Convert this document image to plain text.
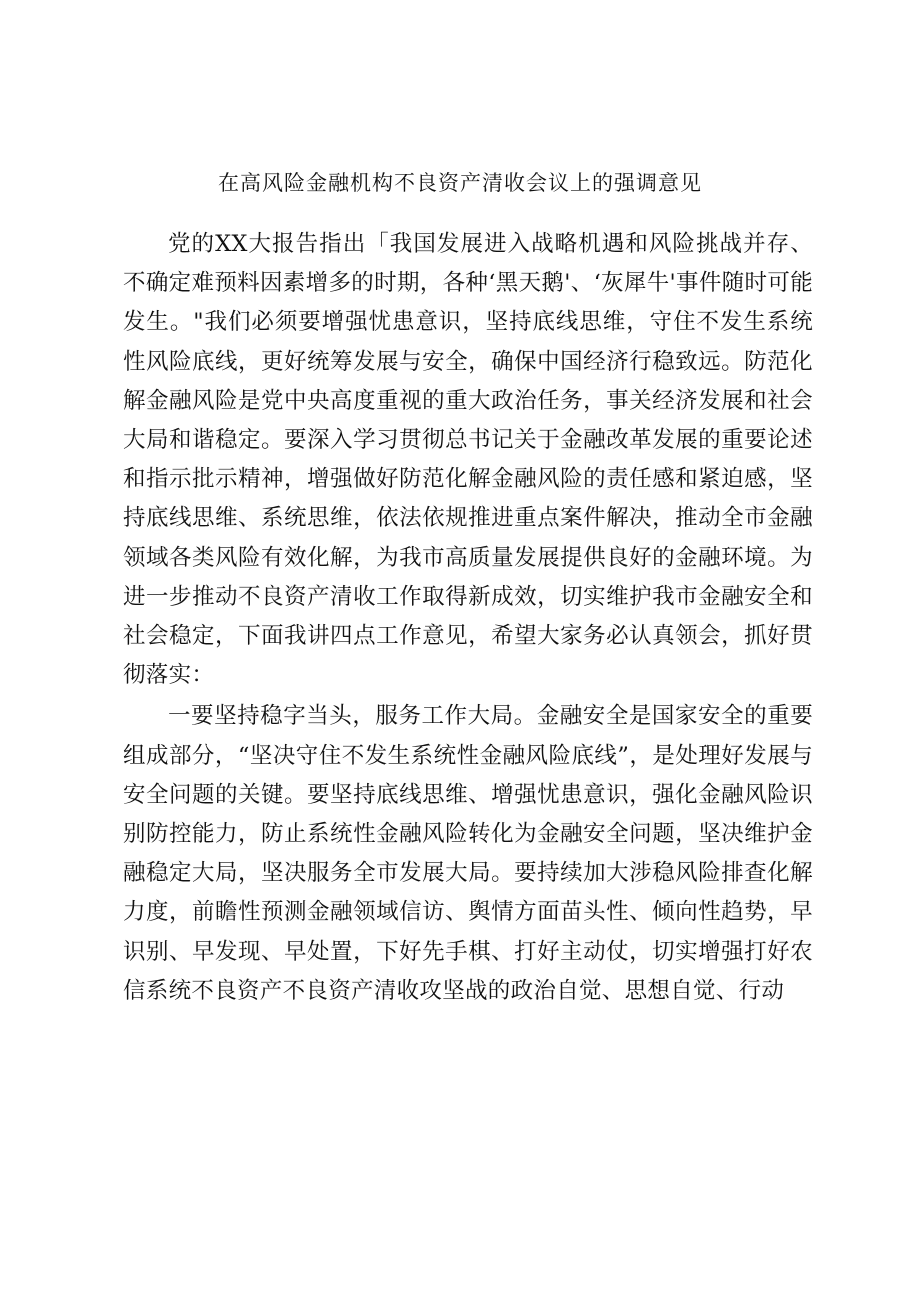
在高风险金融机构不良资产清收会议上的强调意见

党的XX大报告指出「我国发展进入战略机遇和风险挑战并存、不确定难预料因素增多的时期，各种‘黑天鹅'、‘灰犀牛'事件随时可能发生。"我们必须要增强忧患意识，坚持底线思维，守住不发生系统性风险底线，更好统筹发展与安全，确保中国经济行稳致远。防范化解金融风险是党中央高度重视的重大政治任务，事关经济发展和社会大局和谐稳定。要深入学习贯彻总书记关于金融改革发展的重要论述和指示批示精神，增强做好防范化解金融风险的责任感和紧迫感，坚持底线思维、系统思维，依法依规推进重点案件解决，推动全市金融领域各类风险有效化解，为我市高质量发展提供良好的金融环境。为进一步推动不良资产清收工作取得新成效，切实维护我市金融安全和社会稳定，下面我讲四点工作意见，希望大家务必认真领会，抓好贯彻落实：

一要坚持稳字当头，服务工作大局。金融安全是国家安全的重要组成部分，“坚决守住不发生系统性金融风险底线”，是处理好发展与安全问题的关键。要坚持底线思维、增强忧患意识，强化金融风险识别防控能力，防止系统性金融风险转化为金融安全问题，坚决维护金融稳定大局，坚决服务全市发展大局。要持续加大涉稳风险排查化解力度，前瞻性预测金融领域信访、舆情方面苗头性、倾向性趋势，早识别、早发现、早处置，下好先手棋、打好主动仗，切实增强打好农信系统不良资产不良资产清收攻坚战的政治自觉、思想自觉、行动
